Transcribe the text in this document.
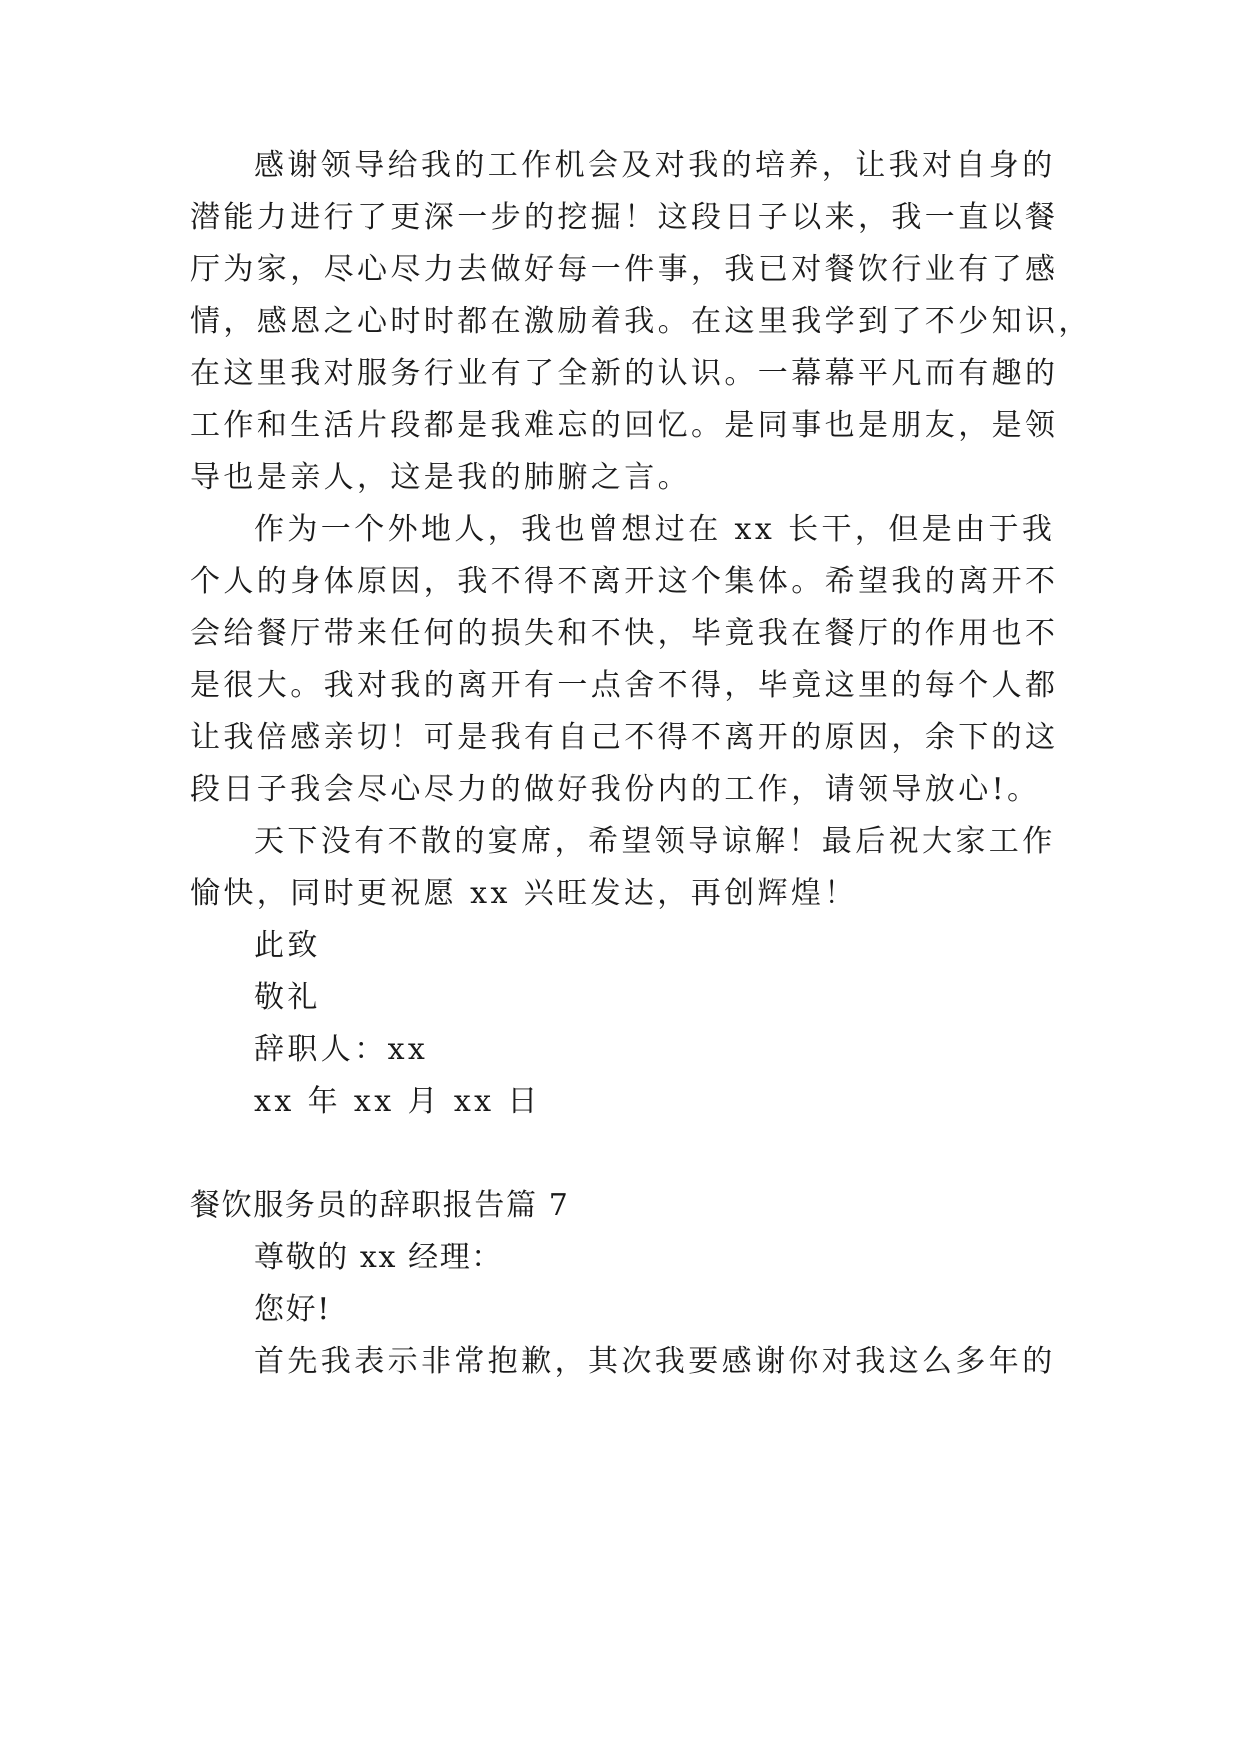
感谢领导给我的工作机会及对我的培养，让我对自身的
潜能力进行了更深一步的挖掘！这段日子以来，我一直以餐
厅为家，尽心尽力去做好每一件事，我已对餐饮行业有了感
情，感恩之心时时都在激励着我。在这里我学到了不少知识，
在这里我对服务行业有了全新的认识。一幕幕平凡而有趣的
工作和生活片段都是我难忘的回忆。是同事也是朋友，是领
导也是亲人，这是我的肺腑之言。
作为一个外地人，我也曾想过在 xx 长干，但是由于我
个人的身体原因，我不得不离开这个集体。希望我的离开不
会给餐厅带来任何的损失和不快，毕竟我在餐厅的作用也不
是很大。我对我的离开有一点舍不得，毕竟这里的每个人都
让我倍感亲切！可是我有自己不得不离开的原因，余下的这
段日子我会尽心尽力的做好我份内的工作，请领导放心!。
天下没有不散的宴席，希望领导谅解！最后祝大家工作
愉快，同时更祝愿 xx 兴旺发达，再创辉煌！
此致
敬礼
辞职人：xx
xx 年 xx 月 xx 日
餐饮服务员的辞职报告篇 7
尊敬的 xx 经理：
您好!
首先我表示非常抱歉，其次我要感谢你对我这么多年的
